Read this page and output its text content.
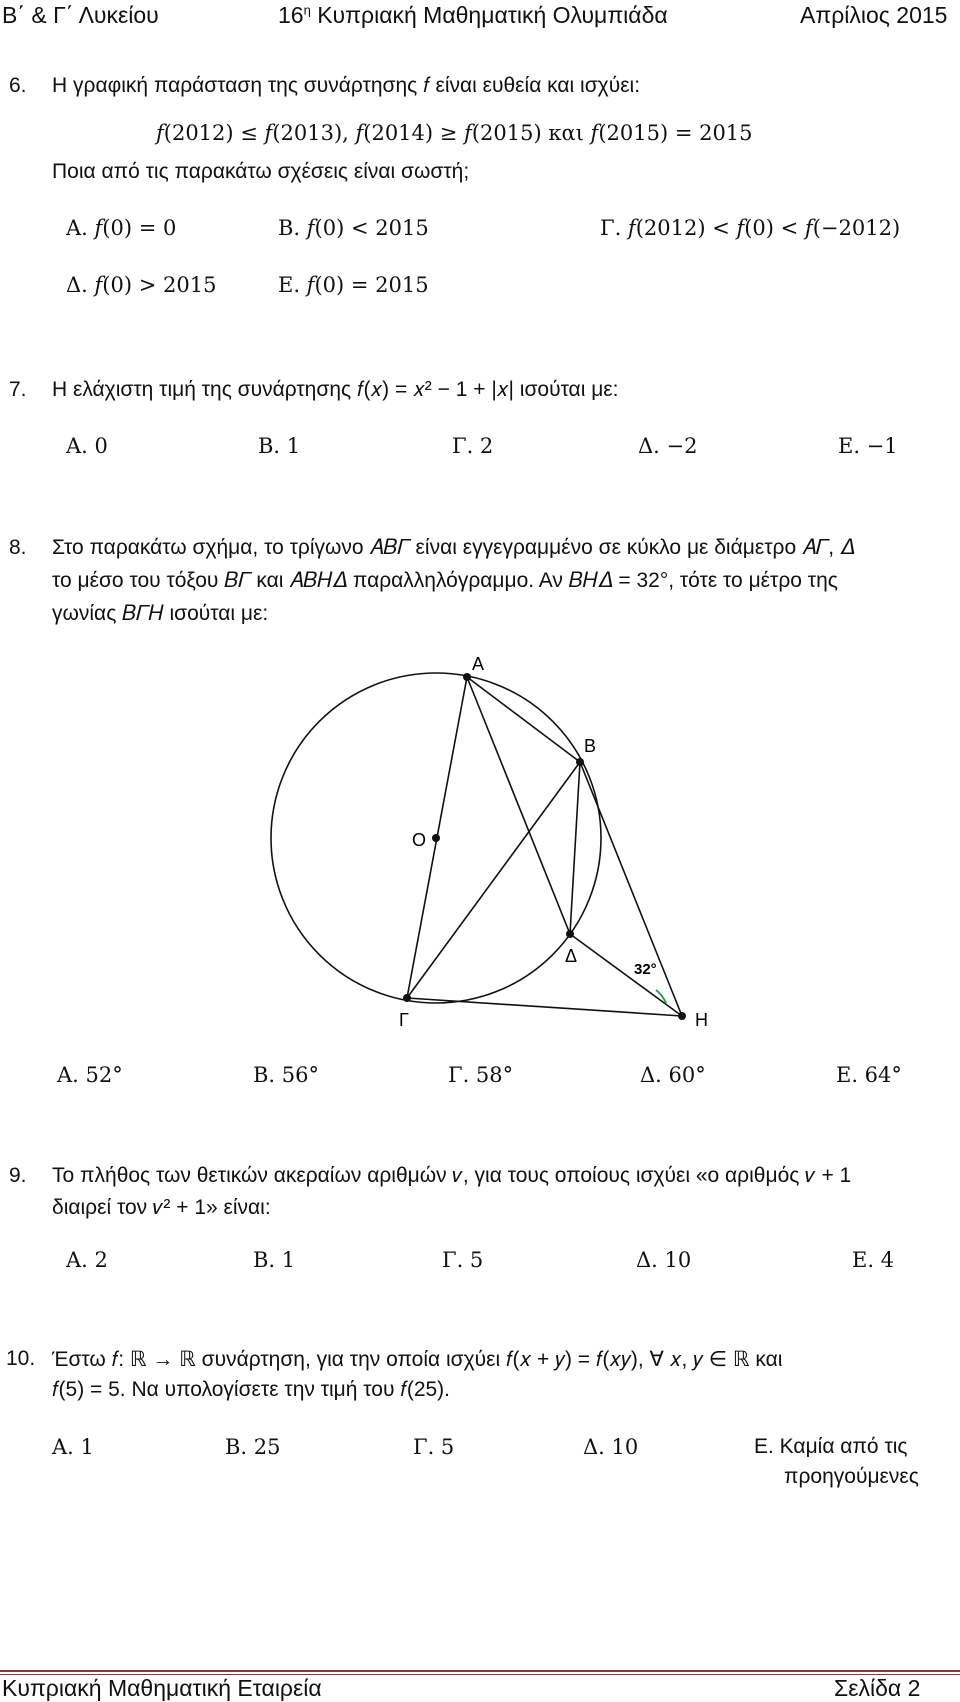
Β΄ & Γ΄ Λυκείου	$16^\eta$ Κυπριακή Μαθηματική Ολυμπιάδα	Απρίλιος 2015
6. Η γραφική παράσταση της συνάρτησης 𝑓 είναι ευθεία και ισχύει:
𝑓(2012) ≤ 𝑓(2013), 𝑓(2014) ≥ 𝑓(2015) και 𝑓(2015) = 2015
Ποια από τις παρακάτω σχέσεις είναι σωστή;
Α. 𝑓(0) = 0	Β. 𝑓(0) < 2015	Γ. 𝑓(2012) < 𝑓(0) < 𝑓(−2012)
Δ. 𝑓(0) > 2015	Ε. 𝑓(0) = 2015
7. Η ελάχιστη τιμή της συνάρτησης 𝑓(𝑥) = 𝑥² − 1 + |𝑥| ισούται με:
Α. 0	Β. 1	Γ. 2	Δ. −2	Ε. −1
8. Στο παρακάτω σχήμα, το τρίγωνο 𝐴𝐵𝛤 είναι εγγεγραμμένο σε κύκλο με διάμετρο 𝐴𝛤, 𝛥
το μέσο του τόξου 𝐵𝛤 και 𝐴𝐵𝐻𝛥 παραλληλόγραμμο. Αν 𝐵𝐻𝛥 = 32°, τότε το μέτρο της
γωνίας 𝐵𝛤𝐻 ισούται με:
Α
Β
Ο
Δ
Γ	Η
32°
Α. 52°	Β. 56°	Γ. 58°	Δ. 60°	Ε. 64°
9. Το πλήθος των θετικών ακεραίων αριθμών 𝜈, για τους οποίους ισχύει «ο αριθμός 𝜈 + 1
διαιρεί τον 𝜈² + 1» είναι:
Α. 2	Β. 1	Γ. 5	Δ. 10	Ε. 4
10. Έστω 𝑓: ℝ → ℝ συνάρτηση, για την οποία ισχύει 𝑓(𝑥 + 𝑦) = 𝑓(𝑥𝑦), ∀ 𝑥, 𝑦 ∈ ℝ και
𝑓(5) = 5. Να υπολογίσετε την τιμή του 𝑓(25).
Α. 1	Β. 25	Γ. 5	Δ. 10	Ε. Καμία από τις
προηγούμενες
Κυπριακή Μαθηματική Εταιρεία	Σελίδα 2
